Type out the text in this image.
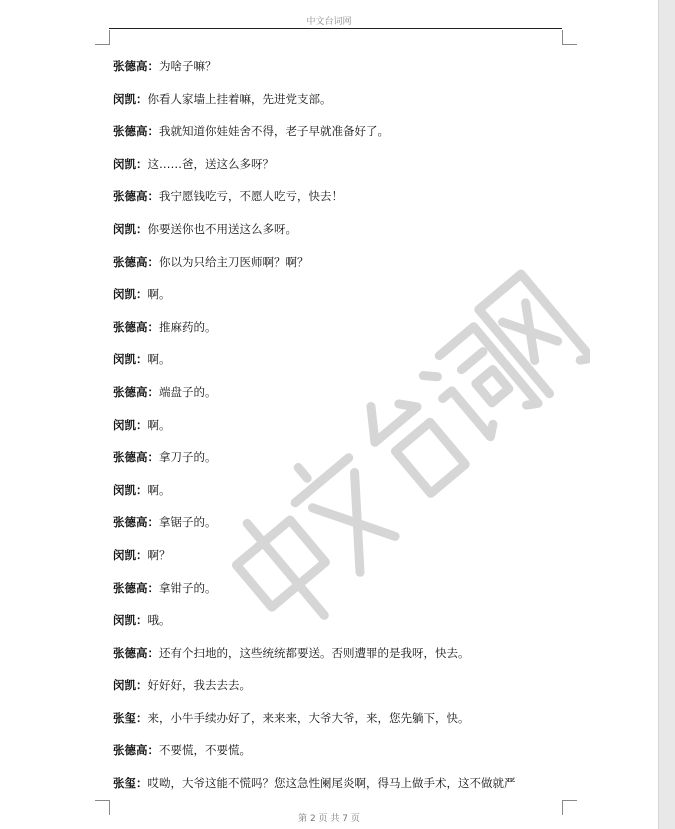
中文台词网
张德高：为啥子嘛？
闵凯：你看人家墙上挂着嘛，先进党支部。
张德高：我就知道你娃娃舍不得，老子早就准备好了。
闵凯：这……爸，送这么多呀？
张德高：我宁愿钱吃亏，不愿人吃亏，快去！
闵凯：你要送你也不用送这么多呀。
张德高：你以为只给主刀医师啊？啊？
闵凯：啊。
张德高：推麻药的。
闵凯：啊。
张德高：端盘子的。
闵凯：啊。
张德高：拿刀子的。
闵凯：啊。
张德高：拿锯子的。
闵凯：啊？
张德高：拿钳子的。
闵凯：哦。
张德高：还有个扫地的，这些统统都要送。否则遭罪的是我呀，快去。
闵凯：好好好，我去去去。
张玺：来，小牛手续办好了，来来来，大爷大爷，来，您先躺下，快。
张德高：不要慌，不要慌。
张玺：哎呦，大爷这能不慌吗？您这急性阑尾炎啊，得马上做手术，这不做就严
第 2 页 共 7 页
